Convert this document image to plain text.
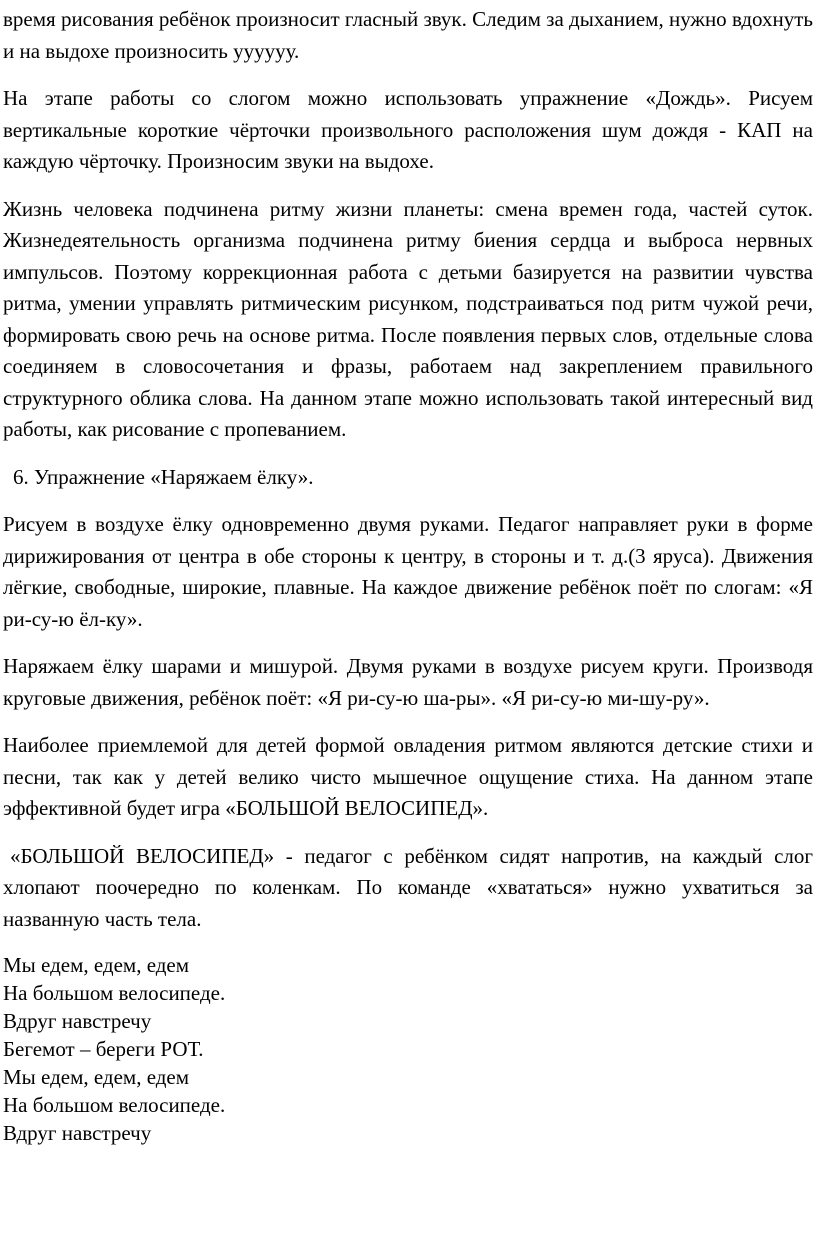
время рисования ребёнок произносит гласный звук. Следим за дыханием, нужно вдохнуть и на выдохе произносить уууууу.

На этапе работы со слогом можно использовать упражнение «Дождь». Рисуем вертикальные короткие чёрточки произвольного расположения шум дождя - КАП на каждую чёрточку. Произносим звуки на выдохе.

Жизнь человека подчинена ритму жизни планеты: смена времен года, частей суток. Жизнедеятельность организма подчинена ритму биения сердца и выброса нервных импульсов. Поэтому коррекционная работа с детьми базируется на развитии чувства ритма, умении управлять ритмическим рисунком, подстраиваться под ритм чужой речи, формировать свою речь на основе ритма. После появления первых слов, отдельные слова соединяем в словосочетания и фразы, работаем над закреплением правильного структурного облика слова. На данном этапе можно использовать такой интересный вид работы, как рисование с пропеванием.

6. Упражнение «Наряжаем ёлку».

Рисуем в воздухе ёлку одновременно двумя руками. Педагог направляет руки в форме дирижирования от центра в обе стороны к центру, в стороны и т. д.(3 яруса). Движения лёгкие, свободные, широкие, плавные. На каждое движение ребёнок поёт по слогам: «Я ри-су-ю ёл-ку».

Наряжаем ёлку шарами и мишурой. Двумя руками в воздухе рисуем круги. Производя круговые движения, ребёнок поёт: «Я ри-су-ю ша-ры». «Я ри-су-ю ми-шу-ру».

Наиболее приемлемой для детей формой овладения ритмом являются детские стихи и песни, так как у детей велико чисто мышечное ощущение стиха. На данном этапе эффективной будет игра «БОЛЬШОЙ ВЕЛОСИПЕД».

«БОЛЬШОЙ ВЕЛОСИПЕД» - педагог с ребёнком сидят напротив, на каждый слог хлопают поочередно по коленкам. По команде «хвататься» нужно ухватиться за названную часть тела.

Мы едем, едем, едем
На большом велосипеде.
Вдруг навстречу
Бегемот – береги РОТ.
Мы едем, едем, едем
На большом велосипеде.
Вдруг навстречу
